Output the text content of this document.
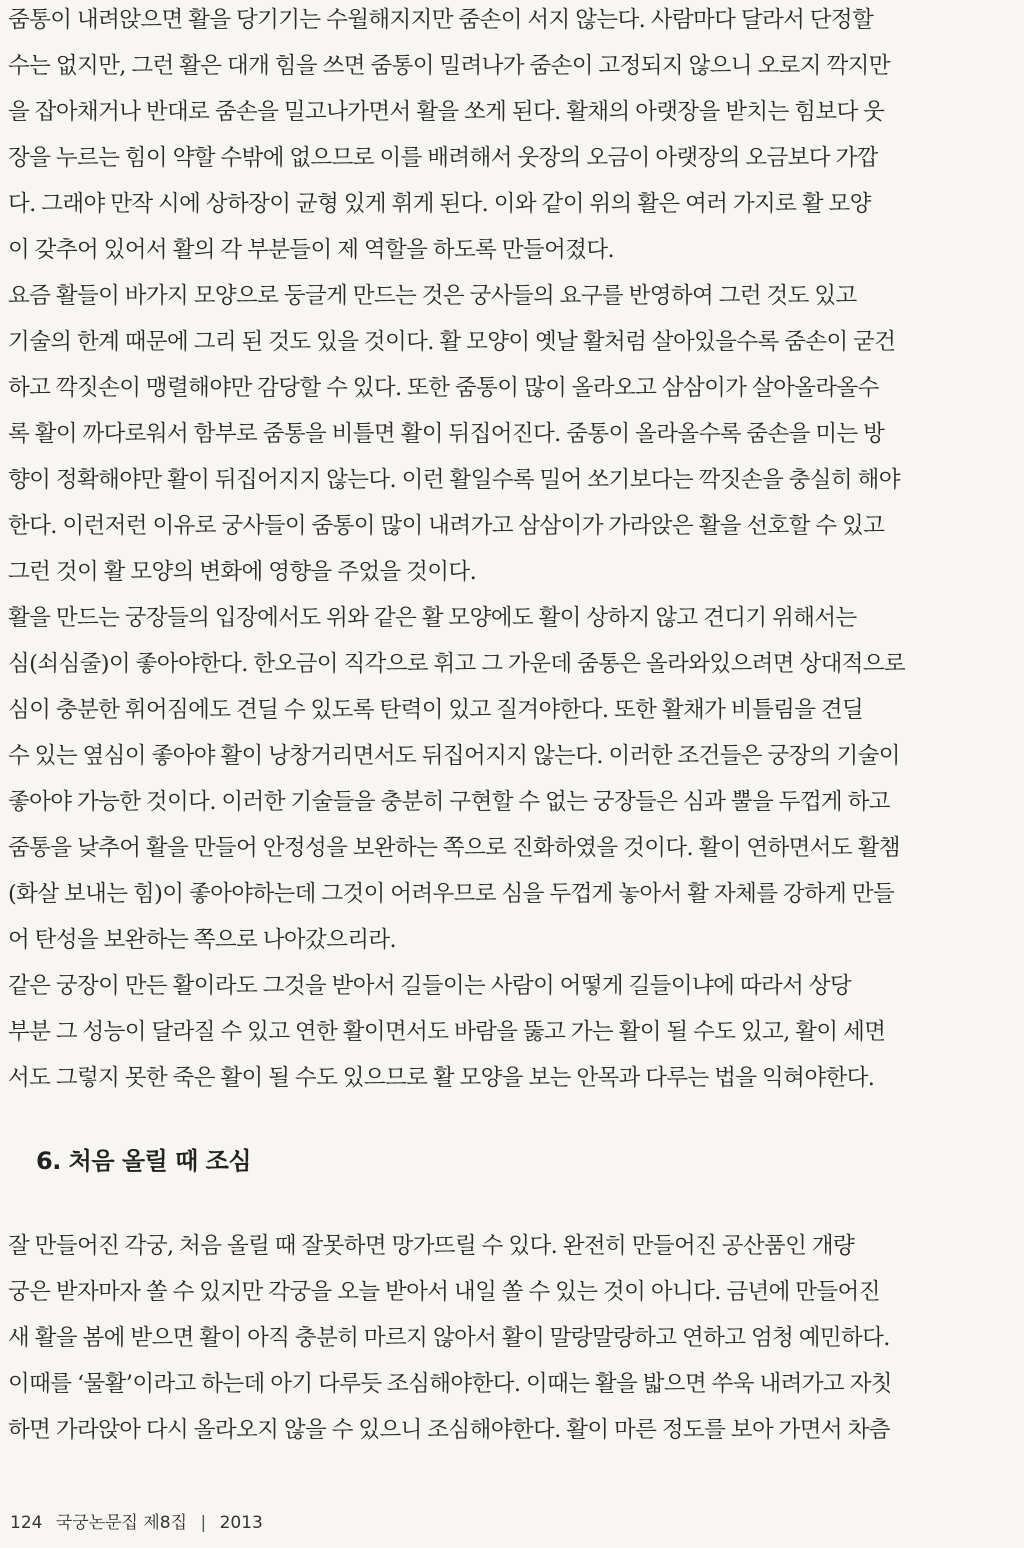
줌통이 내려앉으면 활을 당기기는 수월해지지만 줌손이 서지 않는다. 사람마다 달라서 단정할
수는 없지만, 그런 활은 대개 힘을 쓰면 줌통이 밀려나가 줌손이 고정되지 않으니 오로지 깍지만
을 잡아채거나 반대로 줌손을 밀고나가면서 활을 쏘게 된다. 활채의 아랫장을 받치는 힘보다 웃
장을 누르는 힘이 약할 수밖에 없으므로 이를 배려해서 웃장의 오금이 아랫장의 오금보다 가깝
다. 그래야 만작 시에 상하장이 균형 있게 휘게 된다. 이와 같이 위의 활은 여러 가지로 활 모양
이 갖추어 있어서 활의 각 부분들이 제 역할을 하도록 만들어졌다.
요즘 활들이 바가지 모양으로 둥글게 만드는 것은 궁사들의 요구를 반영하여 그런 것도 있고
기술의 한계 때문에 그리 된 것도 있을 것이다. 활 모양이 옛날 활처럼 살아있을수록 줌손이 굳건
하고 깍짓손이 맹렬해야만 감당할 수 있다. 또한 줌통이 많이 올라오고 삼삼이가 살아올라올수
록 활이 까다로워서 함부로 줌통을 비틀면 활이 뒤집어진다. 줌통이 올라올수록 줌손을 미는 방
향이 정확해야만 활이 뒤집어지지 않는다. 이런 활일수록 밀어 쏘기보다는 깍짓손을 충실히 해야
한다. 이런저런 이유로 궁사들이 줌통이 많이 내려가고 삼삼이가 가라앉은 활을 선호할 수 있고
그런 것이 활 모양의 변화에 영향을 주었을 것이다.
활을 만드는 궁장들의 입장에서도 위와 같은 활 모양에도 활이 상하지 않고 견디기 위해서는
심(쇠심줄)이 좋아야한다. 한오금이 직각으로 휘고 그 가운데 줌통은 올라와있으려면 상대적으로
심이 충분한 휘어짐에도 견딜 수 있도록 탄력이 있고 질겨야한다. 또한 활채가 비틀림을 견딜
수 있는 옆심이 좋아야 활이 낭창거리면서도 뒤집어지지 않는다. 이러한 조건들은 궁장의 기술이
좋아야 가능한 것이다. 이러한 기술들을 충분히 구현할 수 없는 궁장들은 심과 뿔을 두껍게 하고
줌통을 낮추어 활을 만들어 안정성을 보완하는 쪽으로 진화하였을 것이다. 활이 연하면서도 활챔
(화살 보내는 힘)이 좋아야하는데 그것이 어려우므로 심을 두껍게 놓아서 활 자체를 강하게 만들
어 탄성을 보완하는 쪽으로 나아갔으리라.
같은 궁장이 만든 활이라도 그것을 받아서 길들이는 사람이 어떻게 길들이냐에 따라서 상당
부분 그 성능이 달라질 수 있고 연한 활이면서도 바람을 뚫고 가는 활이 될 수도 있고, 활이 세면
서도 그렇지 못한 죽은 활이 될 수도 있으므로 활 모양을 보는 안목과 다루는 법을 익혀야한다.
6. 처음 올릴 때 조심
잘 만들어진 각궁, 처음 올릴 때 잘못하면 망가뜨릴 수 있다. 완전히 만들어진 공산품인 개량
궁은 받자마자 쏠 수 있지만 각궁을 오늘 받아서 내일 쏠 수 있는 것이 아니다. 금년에 만들어진
새 활을 봄에 받으면 활이 아직 충분히 마르지 않아서 활이 말랑말랑하고 연하고 엄청 예민하다.
이때를 ‘물활’이라고 하는데 아기 다루듯 조심해야한다. 이때는 활을 밟으면 쑤욱 내려가고 자칫
하면 가라앉아 다시 올라오지 않을 수 있으니 조심해야한다. 활이 마른 정도를 보아 가면서 차츰
124 국궁논문집 제8집 | 2013
